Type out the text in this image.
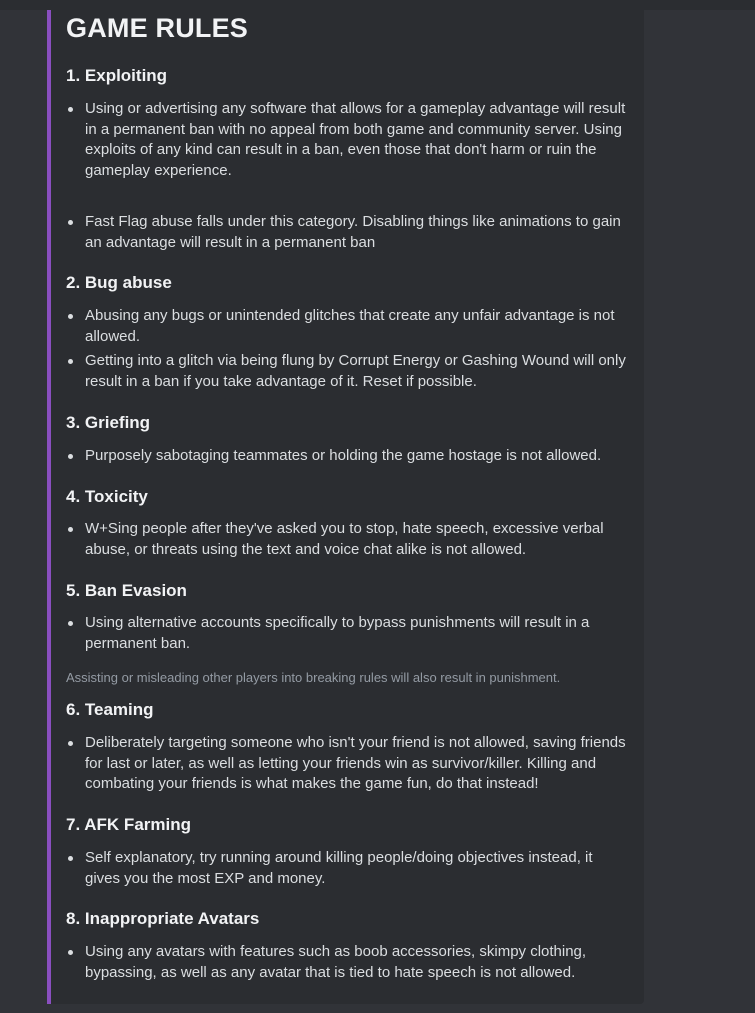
GAME RULES
1. Exploiting
Using or advertising any software that allows for a gameplay advantage will result in a permanent ban with no appeal from both game and community server. Using exploits of any kind can result in a ban, even those that don't harm or ruin the gameplay experience.
Fast Flag abuse falls under this category. Disabling things like animations to gain an advantage will result in a permanent ban
2. Bug abuse
Abusing any bugs or unintended glitches that create any unfair advantage is not allowed.
Getting into a glitch via being flung by Corrupt Energy or Gashing Wound will only result in a ban if you take advantage of it. Reset if possible.
3. Griefing
Purposely sabotaging teammates or holding the game hostage is not allowed.
4. Toxicity
W+Sing people after they've asked you to stop, hate speech, excessive verbal abuse, or threats using the text and voice chat alike is not allowed.
5. Ban Evasion
Using alternative accounts specifically to bypass punishments will result in a permanent ban.
Assisting or misleading other players into breaking rules will also result in punishment.
6. Teaming
Deliberately targeting someone who isn't your friend is not allowed, saving friends for last or later, as well as letting your friends win as survivor/killer. Killing and combating your friends is what makes the game fun, do that instead!
7. AFK Farming
Self explanatory, try running around killing people/doing objectives instead, it gives you the most EXP and money.
8. Inappropriate Avatars
Using any avatars with features such as boob accessories, skimpy clothing, bypassing, as well as any avatar that is tied to hate speech is not allowed.
